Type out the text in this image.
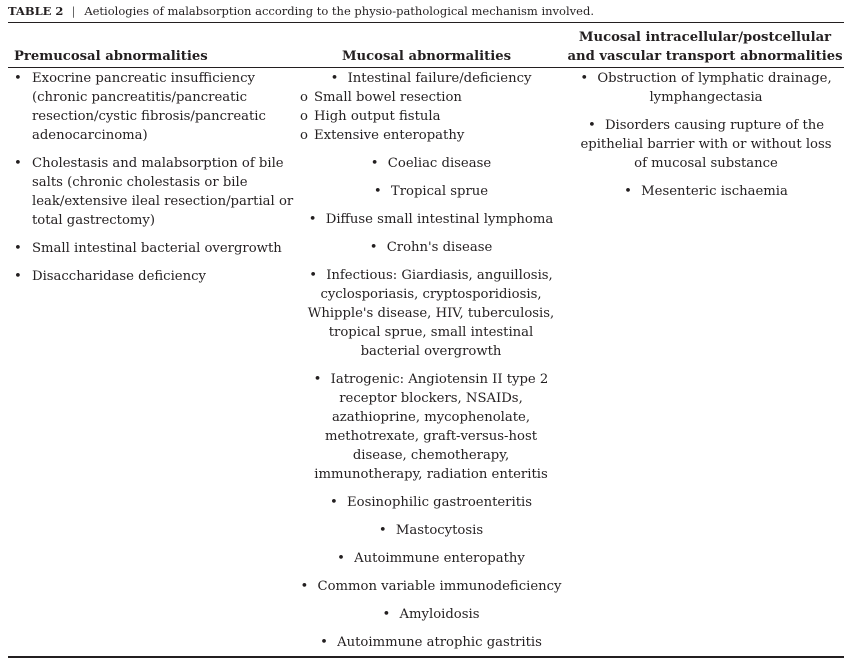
TABLE 2 | Aetiologies of malabsorption according to the physio-pathological mechanism involved.
Premucosal abnormalities	Mucosal abnormalities
Mucosal intracellular/postcellular
and vascular transport abnormalities
• Exocrine pancreatic insufficiency (chronic pancreatitis/pancreatic resection/cystic fibrosis/pancreatic adenocarcinoma)
• Cholestasis and malabsorption of bile salts (chronic cholestasis or bile leak/extensive ileal resection/partial or total gastrectomy)
• Small intestinal bacterial overgrowth
• Disaccharidase deficiency
• Intestinal failure/deficiency
o Small bowel resection
o High output fistula
o Extensive enteropathy
• Coeliac disease
• Tropical sprue
• Diffuse small intestinal lymphoma
• Crohn's disease
• Infectious: Giardiasis, anguillosis, cyclosporiasis, cryptosporidiosis, Whipple's disease, HIV, tuberculosis, tropical sprue, small intestinal bacterial overgrowth
• Iatrogenic: Angiotensin II type 2 receptor blockers, NSAIDs, azathioprine, mycophenolate, methotrexate, graft-versus-host disease, chemotherapy, immunotherapy, radiation enteritis
• Eosinophilic gastroenteritis
• Mastocytosis
• Autoimmune enteropathy
• Common variable immunodeficiency
• Amyloidosis
• Autoimmune atrophic gastritis
• Obstruction of lymphatic drainage, lymphangectasia
• Disorders causing rupture of the epithelial barrier with or without loss of mucosal substance
• Mesenteric ischaemia
